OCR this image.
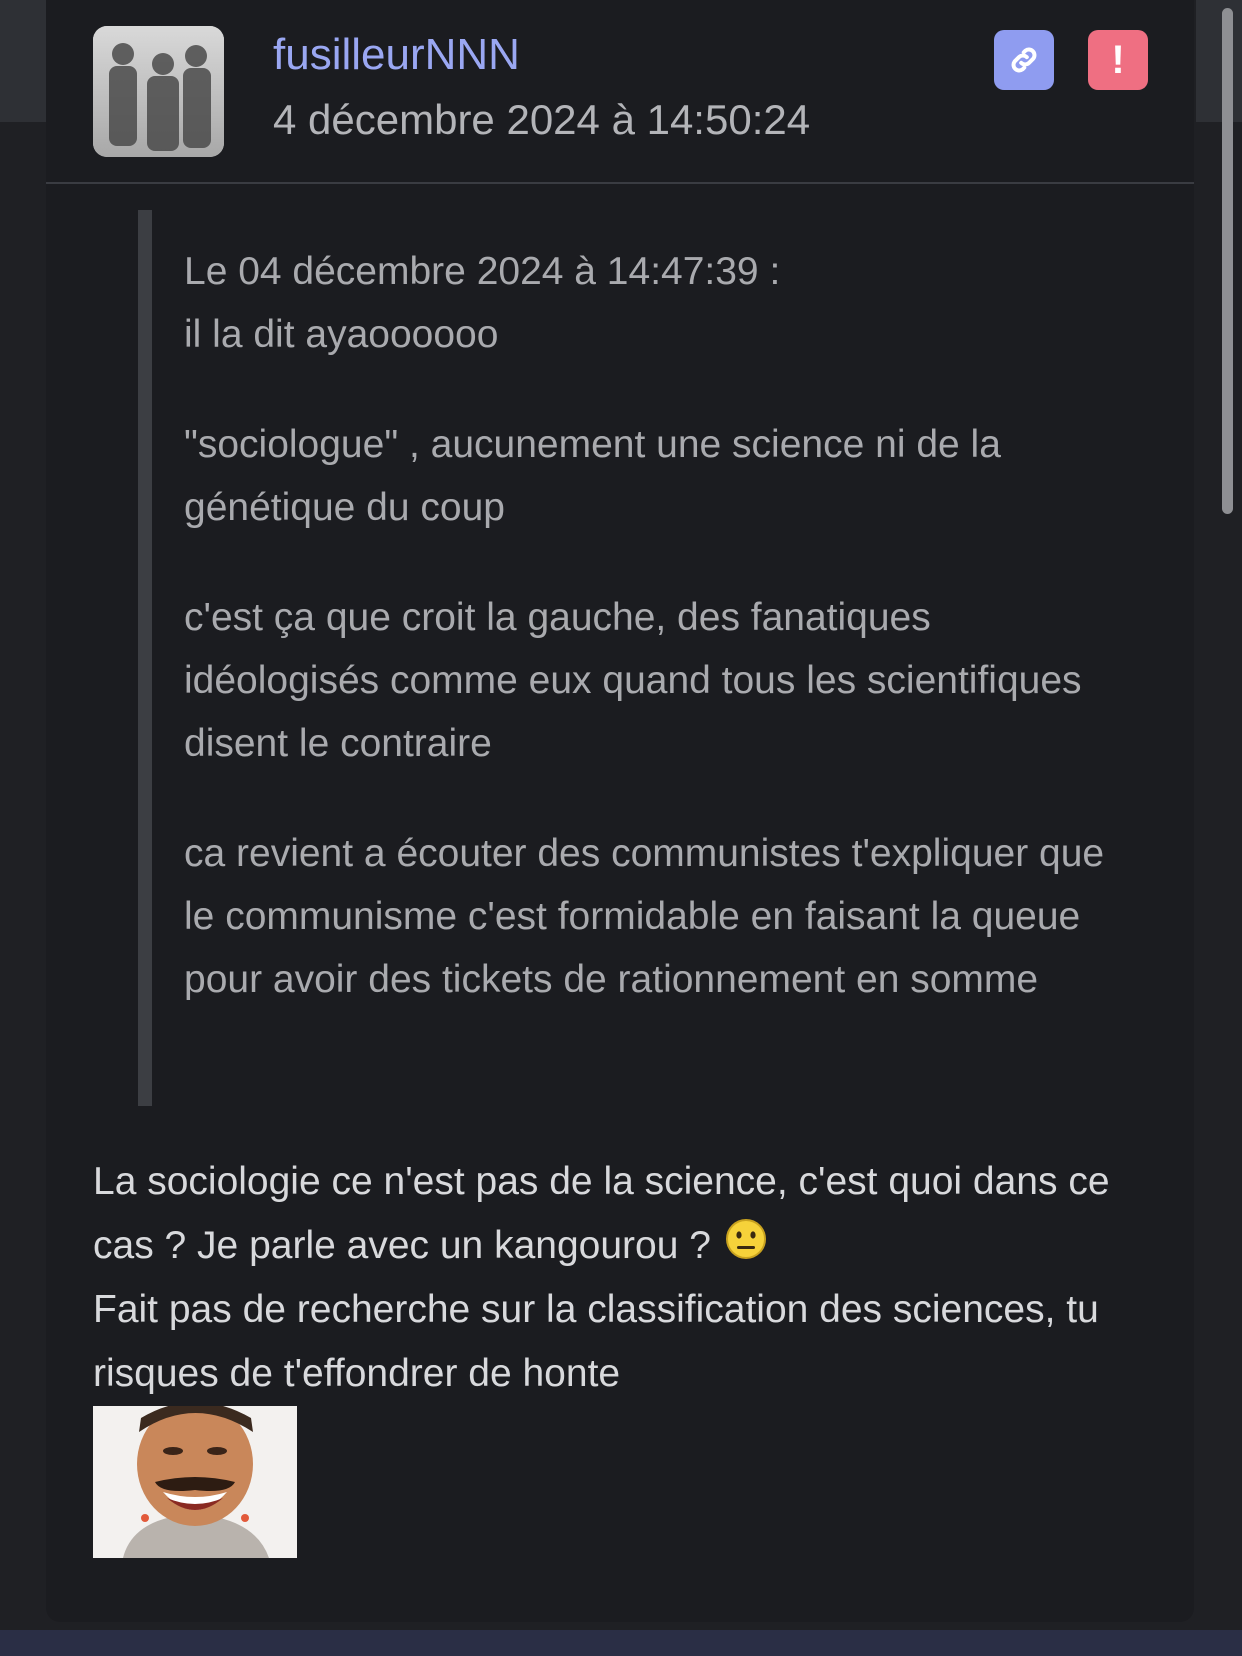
fusilleurNNN
4 décembre 2024 à 14:50:24
!

Le 04 décembre 2024 à 14:47:39 :
il la dit ayaoooooo

"sociologue" , aucunement une science ni de la génétique du coup

c'est ça que croit la gauche, des fanatiques idéologisés comme eux quand tous les scientifiques disent le contraire

ca revient a écouter des communistes t'expliquer que le communisme c'est formidable en faisant la queue pour avoir des tickets de rationnement en somme

La sociologie ce n'est pas de la science, c'est quoi dans ce cas ? Je parle avec un kangourou ?

Fait pas de recherche sur la classification des sciences, tu risques de t'effondrer de honte
